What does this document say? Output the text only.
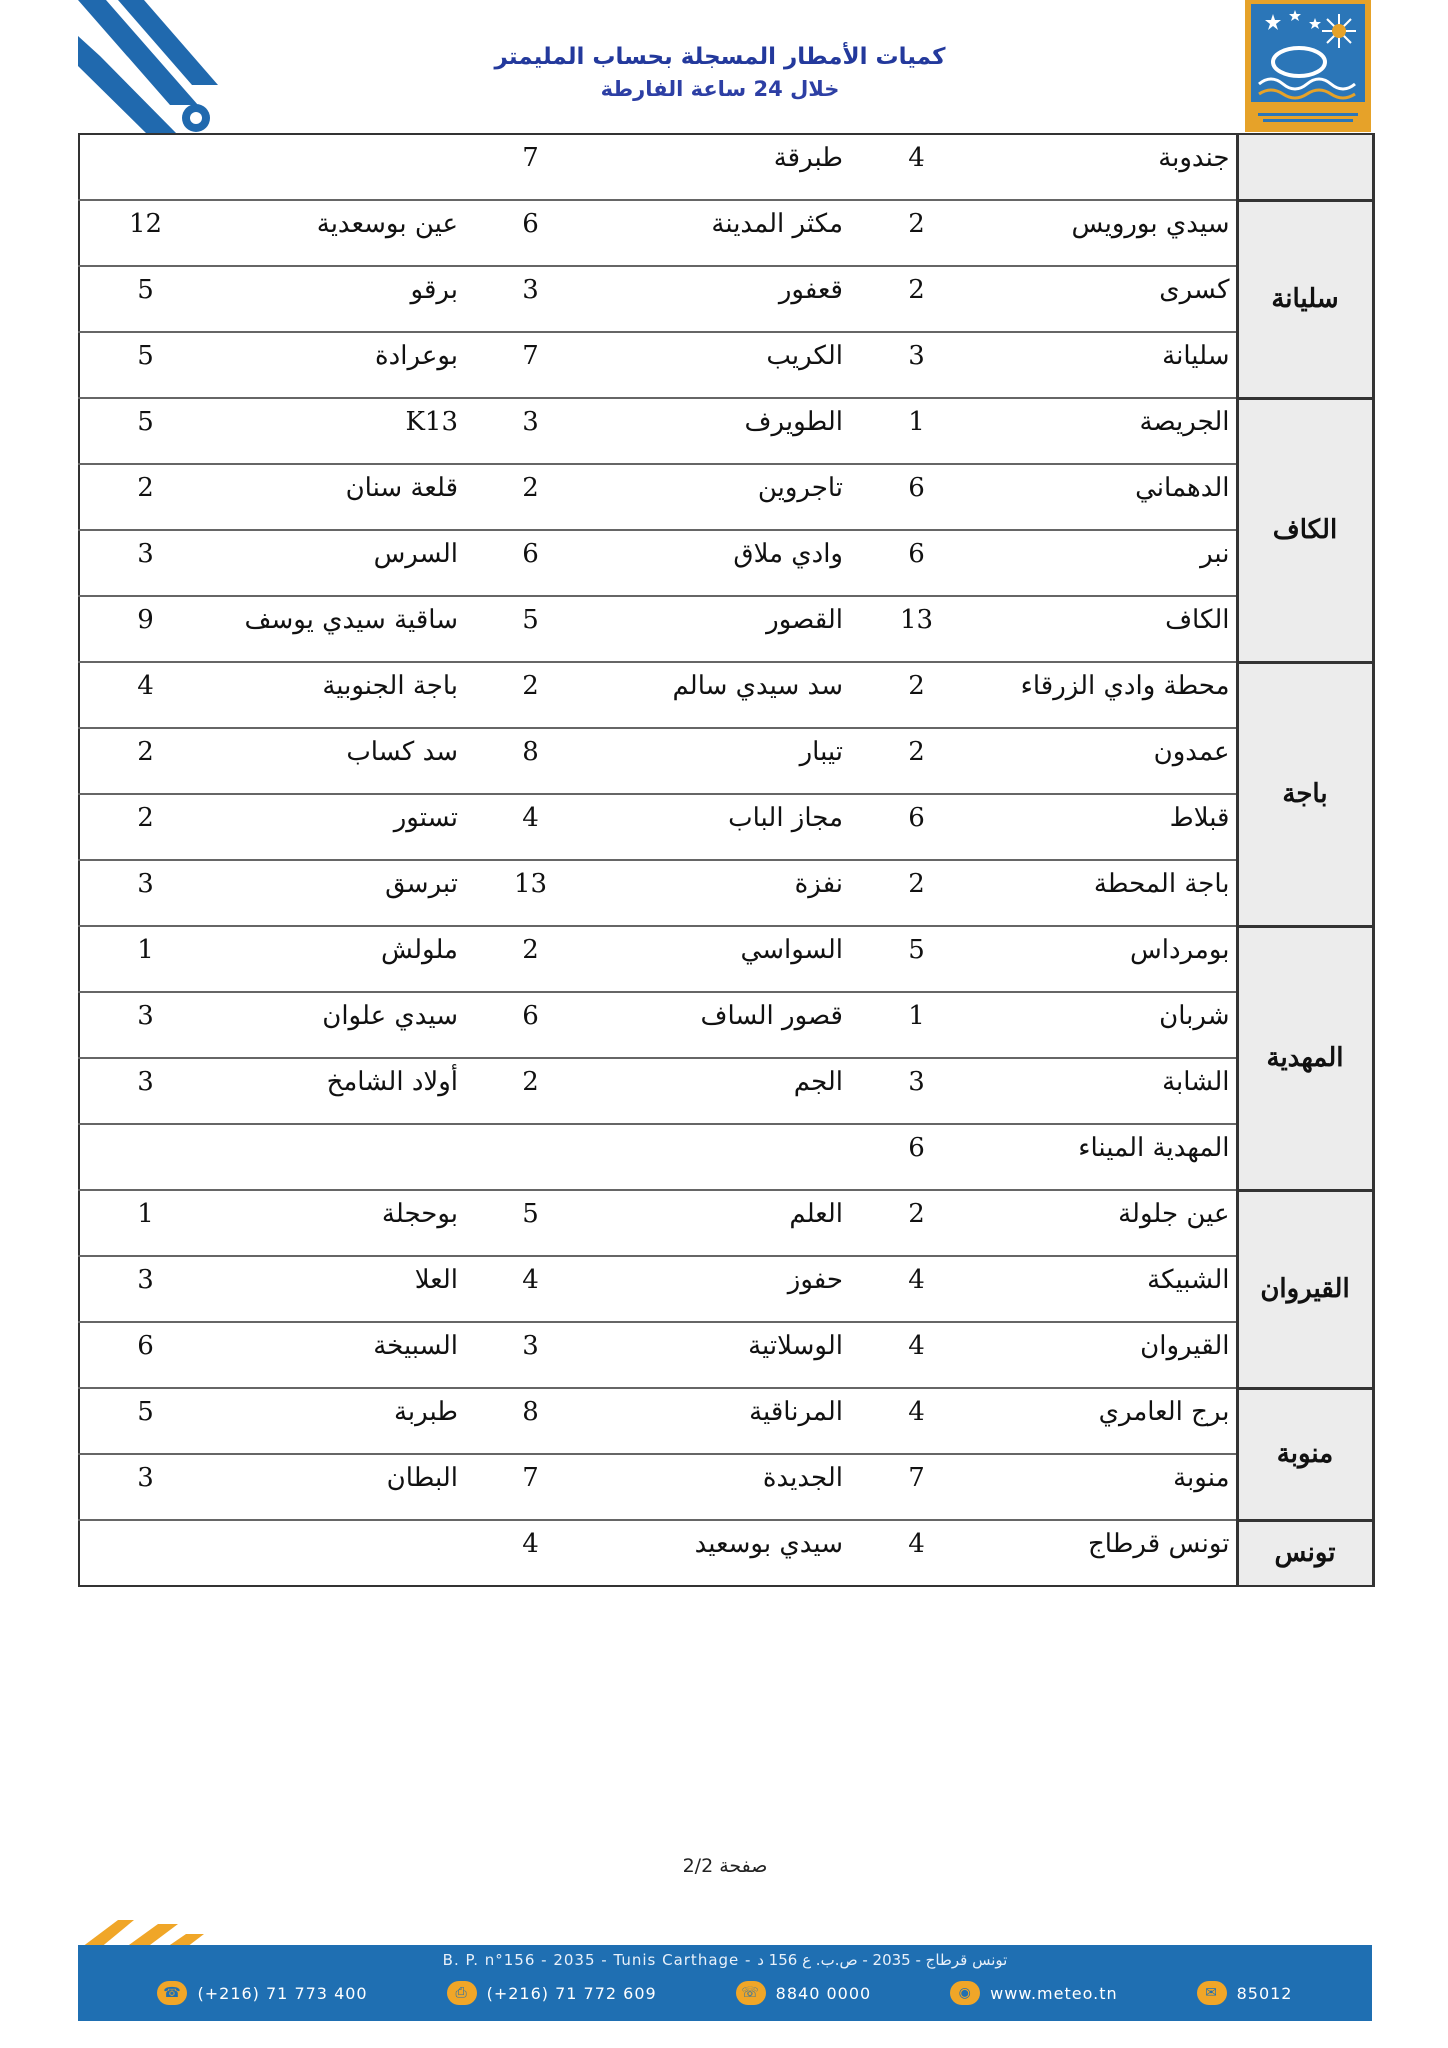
كميات الأمطار المسجلة بحساب المليمتر
خلال 24 ساعة الفارطة
	جندوبة	4	طبرقة	7		
سليانة	سيدي بورويس	2	مكثر المدينة	6	عين بوسعدية	12
	كسرى	2	قعفور	3	برقو	5
	سليانة	3	الكريب	7	بوعرادة	5
الكاف	الجريصة	1	الطويرف	3	K13	5
	الدهماني	6	تاجروين	2	قلعة سنان	2
	نبر	6	وادي ملاق	6	السرس	3
	الكاف	13	القصور	5	ساقية سيدي يوسف	9
باجة	محطة وادي الزرقاء	2	سد سيدي سالم	2	باجة الجنوبية	4
	عمدون	2	تيبار	8	سد كساب	2
	قبلاط	6	مجاز الباب	4	تستور	2
	باجة المحطة	2	نفزة	13	تبرسق	3
المهدية	بومرداس	5	السواسي	2	ملولش	1
	شربان	1	قصور الساف	6	سيدي علوان	3
	الشابة	3	الجم	2	أولاد الشامخ	3
	المهدية الميناء	6				
القيروان	عين جلولة	2	العلم	5	بوحجلة	1
	الشبيكة	4	حفوز	4	العلا	3
	القيروان	4	الوسلاتية	3	السبيخة	6
منوبة	برج العامري	4	المرناقية	8	طبربة	5
	منوبة	7	الجديدة	7	البطان	3
تونس	تونس قرطاج	4	سيدي بوسعيد	4		
صفحة 2/2
B. P. n°156 - 2035 - Tunis Carthage - تونس قرطاج - 2035 - ص.ب. ع 156 د
☎ (+216) 71 773 400	⎙	(+216) 71 772 609	☏ 8840 0000	◉	www.meteo.tn	✉	85012
